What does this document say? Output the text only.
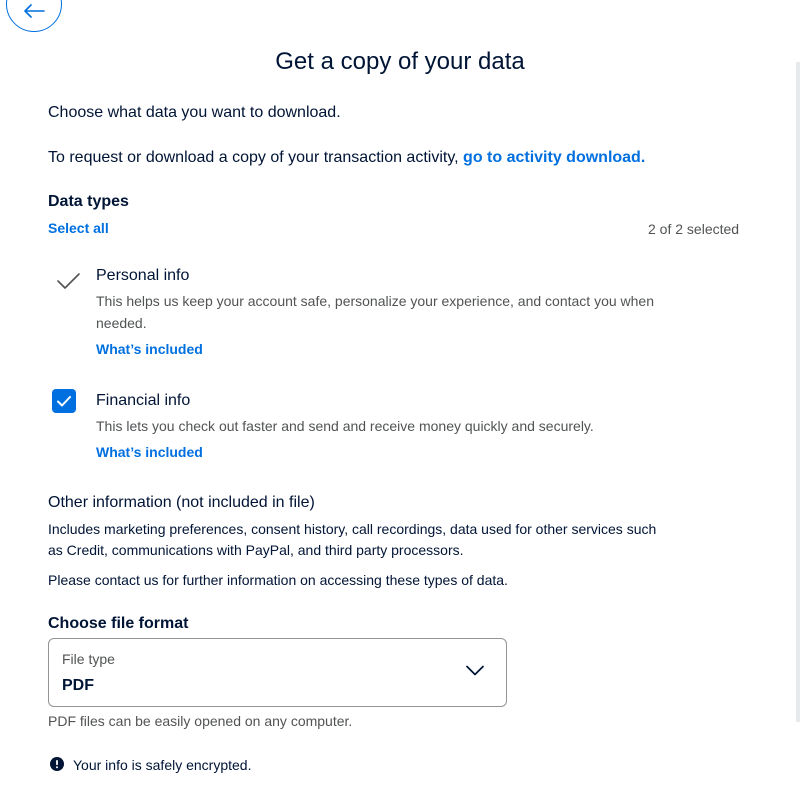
Get a copy of your data
Choose what data you want to download.
To request or download a copy of your transaction activity, go to activity download.
Data types
Select all	2 of 2 selected
Personal info
This helps us keep your account safe, personalize your experience, and contact you when
needed.
What’s included
Financial info
This lets you check out faster and send and receive money quickly and securely.
What’s included
Other information (not included in file)
Includes marketing preferences, consent history, call recordings, data used for other services such
as Credit, communications with PayPal, and third party processors.
Please contact us for further information on accessing these types of data.
Choose file format
File type
PDF
PDF files can be easily opened on any computer.
Your info is safely encrypted.
